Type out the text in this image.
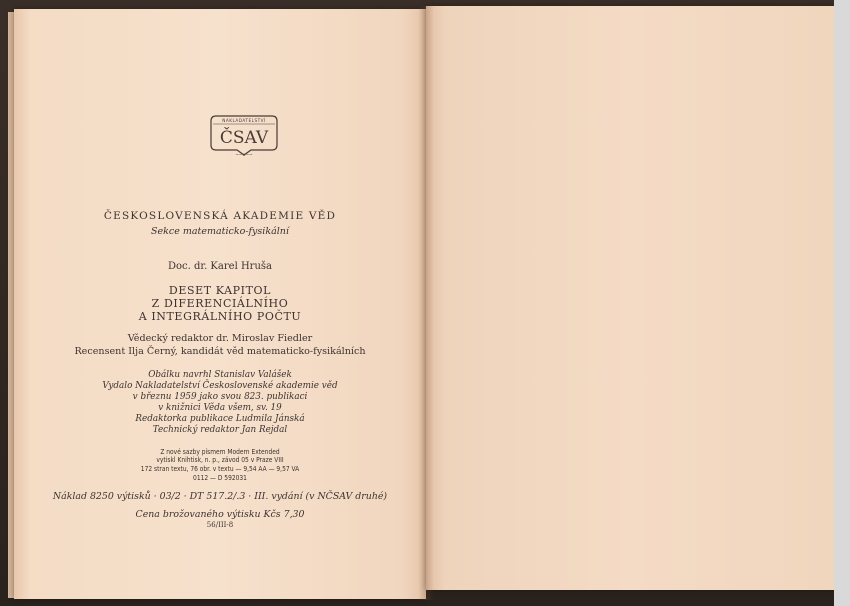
NAKLADATELSTVÍ
ČSAV
~~★~~
ČESKOSLOVENSKÁ AKADEMIE VĚD
Sekce matematicko-fysikální
Doc. dr. Karel Hruša
DESET KAPITOL
Z DIFERENCIÁLNÍHO
A INTEGRÁLNÍHO POČTU
Vědecký redaktor dr. Miroslav Fiedler
Recensent Ilja Černý, kandidát věd matematicko-fysikálních
Obálku navrhl Stanislav Valášek
Vydalo Nakladatelství Československé akademie věd
v březnu 1959 jako svou 823. publikaci
v knižnici Věda všem, sv. 19
Redaktorka publikace Ludmila Jánská
Technický redaktor Jan Rejdal
Z nové sazby písmem Modern Extended
vytiskl Knihtisk, n. p., závod 05 v Praze VIII
172 stran textu, 76 obr. v textu — 9,54 AA — 9,57 VA
0112 — D 592031
Náklad 8250 výtisků · 03/2 · DT 517.2/.3 · III. vydání (v NČSAV druhé)
Cena brožovaného výtisku Kčs 7,30
56/III-8
